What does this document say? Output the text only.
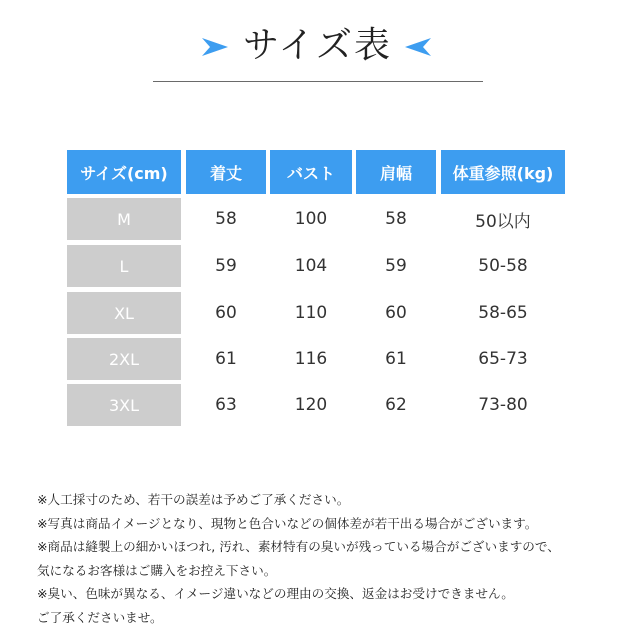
サイズ表
サイズ(cm)	着丈	バスト	肩幅	体重参照(kg)
M	58	100	58	50以内
L	59	104	59	50-58
XL	60	110	60	58-65
2XL	61	116	61	65-73
3XL	63	120	62	73-80
※人工採寸のため、若干の誤差は予めご了承ください。
※写真は商品イメージとなり、現物と色合いなどの個体差が若干出る場合がございます。
※商品は縫製上の細かいほつれ, 汚れ、素材特有の臭いが残っている場合がございますので、
気になるお客様はご購入をお控え下さい。
※臭い、色味が異なる、イメージ違いなどの理由の交換、返金はお受けできません。
ご了承くださいませ。
